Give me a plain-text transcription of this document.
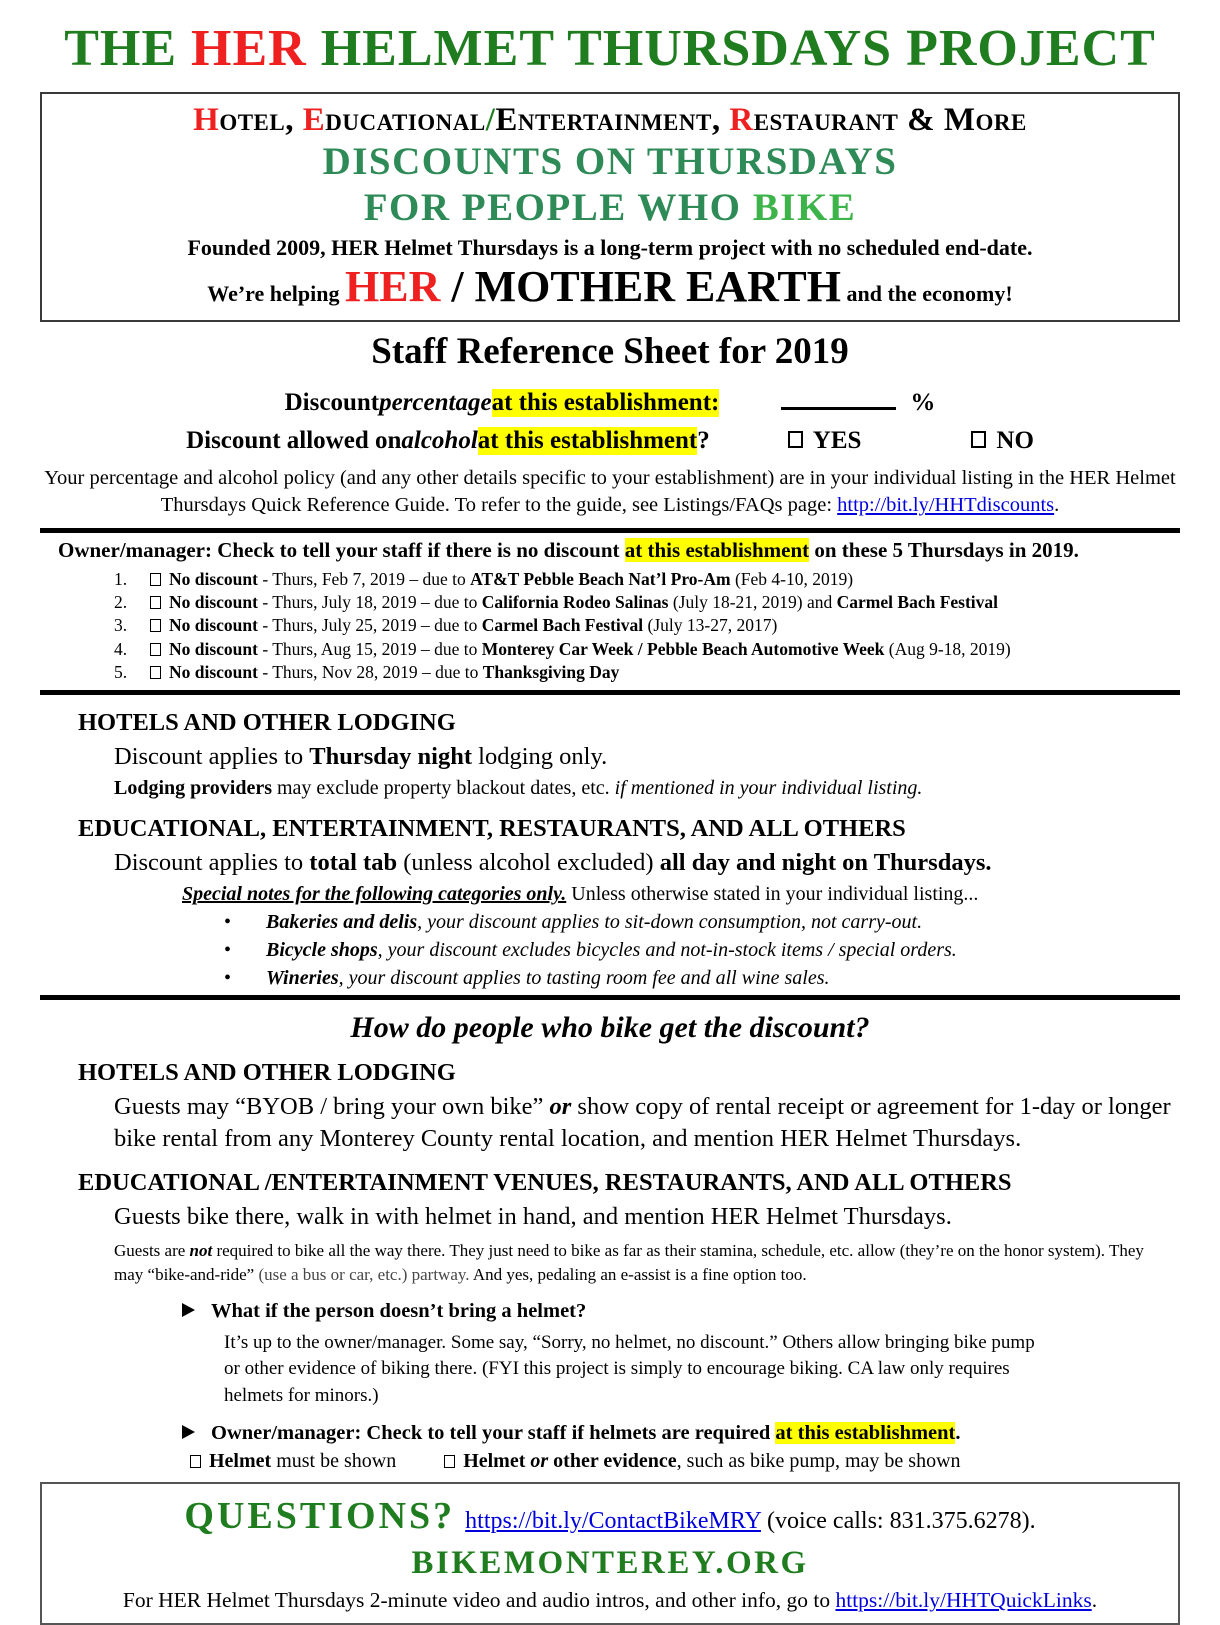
THE HER HELMET THURSDAYS PROJECT
Hotel, Educational/Entertainment, Restaurant & More
DISCOUNTS ON THURSDAYS
FOR PEOPLE WHO BIKE
Founded 2009, HER Helmet Thursdays is a long-term project with no scheduled end-date.
We’re helping HER / MOTHER EARTH and the economy!
Staff Reference Sheet for 2019
Discount percentage at this establishment:	%
Discount allowed on alcohol at this establishment ?	YES	NO
Your percentage and alcohol policy (and any other details specific to your establishment) are in your individual listing in the HER Helmet Thursdays Quick Reference Guide. To refer to the guide, see Listings/FAQs page: http://bit.ly/HHTdiscounts.
Owner/manager: Check to tell your staff if there is no discount at this establishment on these 5 Thursdays in 2019.
1. No discount - Thurs, Feb 7, 2019 – due to AT&T Pebble Beach Nat’l Pro-Am (Feb 4-10, 2019)
2. No discount - Thurs, July 18, 2019 – due to California Rodeo Salinas (July 18-21, 2019) and Carmel Bach Festival
3. No discount - Thurs, July 25, 2019 – due to Carmel Bach Festival (July 13-27, 2017)
4. No discount - Thurs, Aug 15, 2019 – due to Monterey Car Week / Pebble Beach Automotive Week (Aug 9-18, 2019)
5. No discount - Thurs, Nov 28, 2019 – due to Thanksgiving Day
HOTELS AND OTHER LODGING
Discount applies to Thursday night lodging only.
Lodging providers may exclude property blackout dates, etc. if mentioned in your individual listing.
EDUCATIONAL, ENTERTAINMENT, RESTAURANTS, AND ALL OTHERS
Discount applies to total tab (unless alcohol excluded) all day and night on Thursdays.
Special notes for the following categories only. Unless otherwise stated in your individual listing...
•	Bakeries and delis, your discount applies to sit-down consumption, not carry-out.
•	Bicycle shops, your discount excludes bicycles and not-in-stock items / special orders.
•	Wineries, your discount applies to tasting room fee and all wine sales.
How do people who bike get the discount?
HOTELS AND OTHER LODGING
Guests may “BYOB / bring your own bike” or show copy of rental receipt or agreement for 1-day or longer bike rental from any Monterey County rental location, and mention HER Helmet Thursdays.
EDUCATIONAL /ENTERTAINMENT VENUES, RESTAURANTS, AND ALL OTHERS
Guests bike there, walk in with helmet in hand, and mention HER Helmet Thursdays.
Guests are not required to bike all the way there. They just need to bike as far as their stamina, schedule, etc. allow (they’re on the honor system). They may “bike-and-ride” (use a bus or car, etc.) partway. And yes, pedaling an e-assist is a fine option too.
What if the person doesn’t bring a helmet?
It’s up to the owner/manager. Some say, “Sorry, no helmet, no discount.” Others allow bringing bike pump or other evidence of biking there. (FYI this project is simply to encourage biking. CA law only requires helmets for minors.)
Owner/manager: Check to tell your staff if helmets are required at this establishment.
Helmet must be shown	Helmet or other evidence, such as bike pump, may be shown
QUESTIONS? https://bit.ly/ContactBikeMRY (voice calls: 831.375.6278).
BIKEMONTEREY.ORG
For HER Helmet Thursdays 2-minute video and audio intros, and other info, go to https://bit.ly/HHTQuickLinks.
